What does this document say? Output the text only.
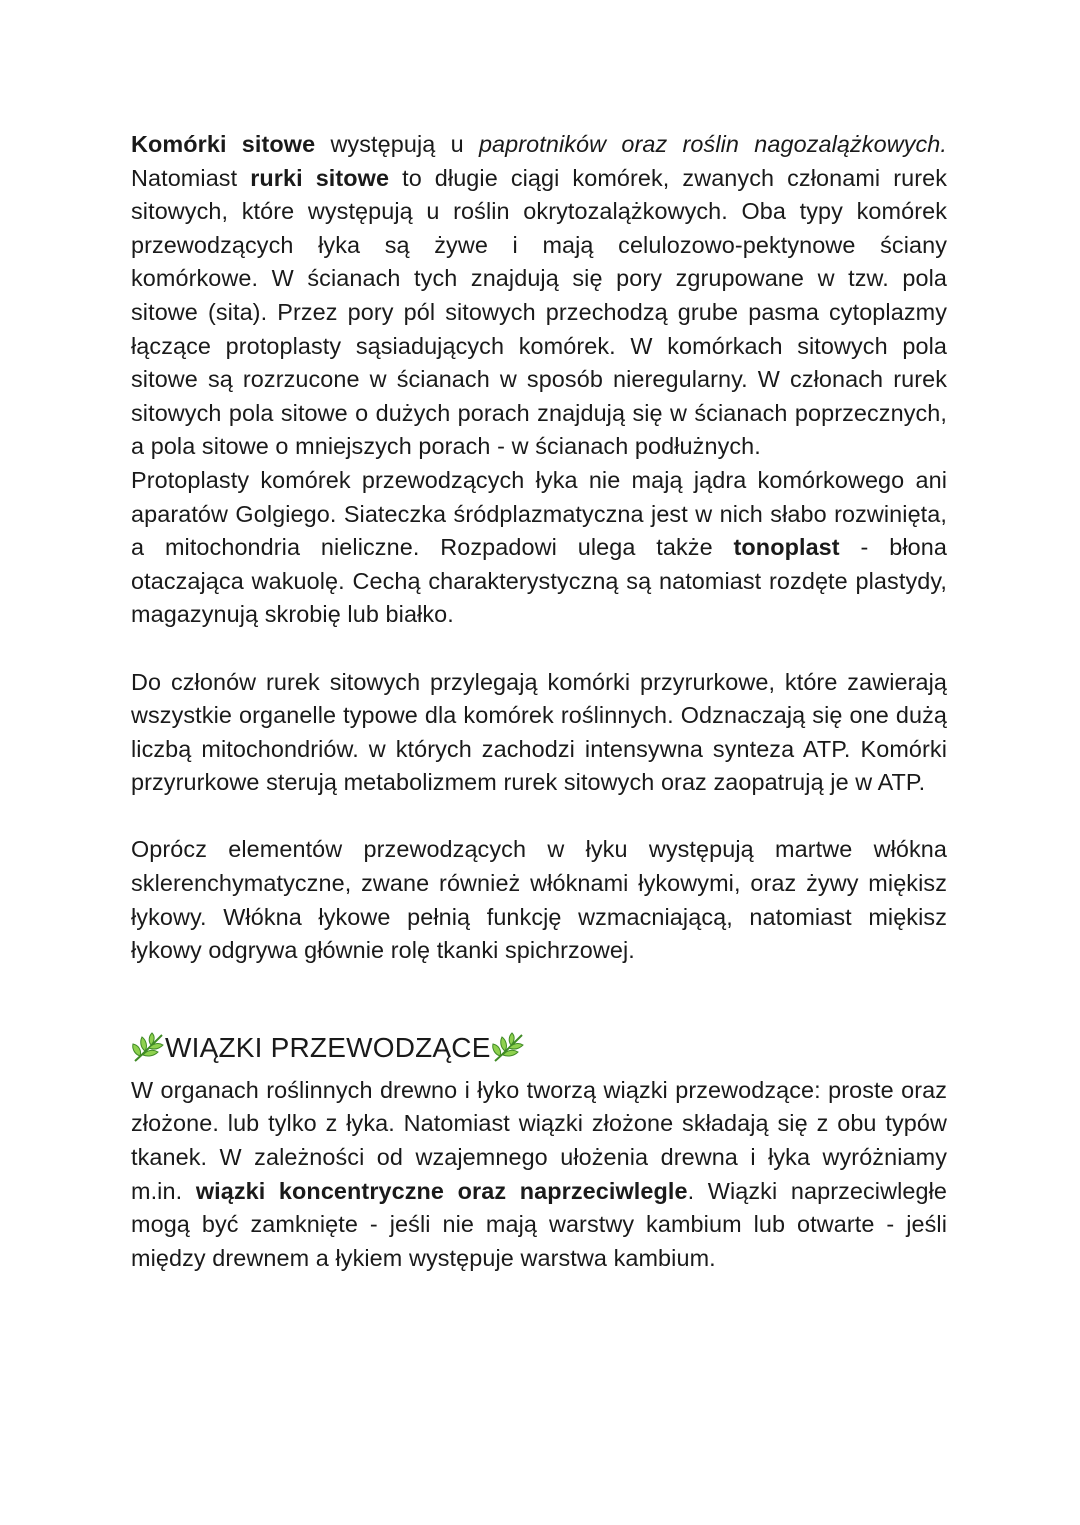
Komórki sitowe występują u paprotników oraz roślin nagozalążkowych. Natomiast rurki sitowe to długie ciągi komórek, zwanych członami rurek sitowych, które występują u roślin okrytozalążkowych. Oba typy komórek przewodzących łyka są żywe i mają celulozowo-pektynowe ściany komórkowe. W ścianach tych znajdują się pory zgrupowane w tzw. pola sitowe (sita). Przez pory pól sitowych przechodzą grube pasma cytoplazmy łączące protoplasty sąsiadujących komórek. W komórkach sitowych pola sitowe są rozrzucone w ścianach w sposób nieregularny. W członach rurek sitowych pola sitowe o dużych porach znajdują się w ścianach poprzecznych, a pola sitowe o mniejszych porach - w ścianach podłużnych.

Protoplasty komórek przewodzących łyka nie mają jądra komórkowego ani aparatów Golgiego. Siateczka śródplazmatyczna jest w nich słabo rozwinięta, a mitochondria nieliczne. Rozpadowi ulega także tonoplast - błona otaczająca wakuolę. Cechą charakterystyczną są natomiast rozdęte plastydy, magazynują skrobię lub białko.

Do członów rurek sitowych przylegają komórki przyrurkowe, które zawierają wszystkie organelle typowe dla komórek roślinnych. Odznaczają się one dużą liczbą mitochondriów. w których zachodzi intensywna synteza ATP. Komórki przyrurkowe sterują metabolizmem rurek sitowych oraz zaopatrują je w ATP.

Oprócz elementów przewodzących w łyku występują martwe włókna sklerenchymatyczne, zwane również włóknami łykowymi, oraz żywy miękisz łykowy. Włókna łykowe pełnią funkcję wzmacniającą, natomiast miękisz łykowy odgrywa głównie rolę tkanki spichrzowej.

WIĄZKI PRZEWODZĄCE

W organach roślinnych drewno i łyko tworzą wiązki przewodzące: proste oraz złożone. lub tylko z łyka. Natomiast wiązki złożone składają się z obu typów tkanek. W zależności od wzajemnego ułożenia drewna i łyka wyróżniamy m.in. wiązki koncentryczne oraz naprzeciwlegle. Wiązki naprzeciwległe mogą być zamknięte - jeśli nie mają warstwy kambium lub otwarte - jeśli między drewnem a łykiem występuje warstwa kambium.
